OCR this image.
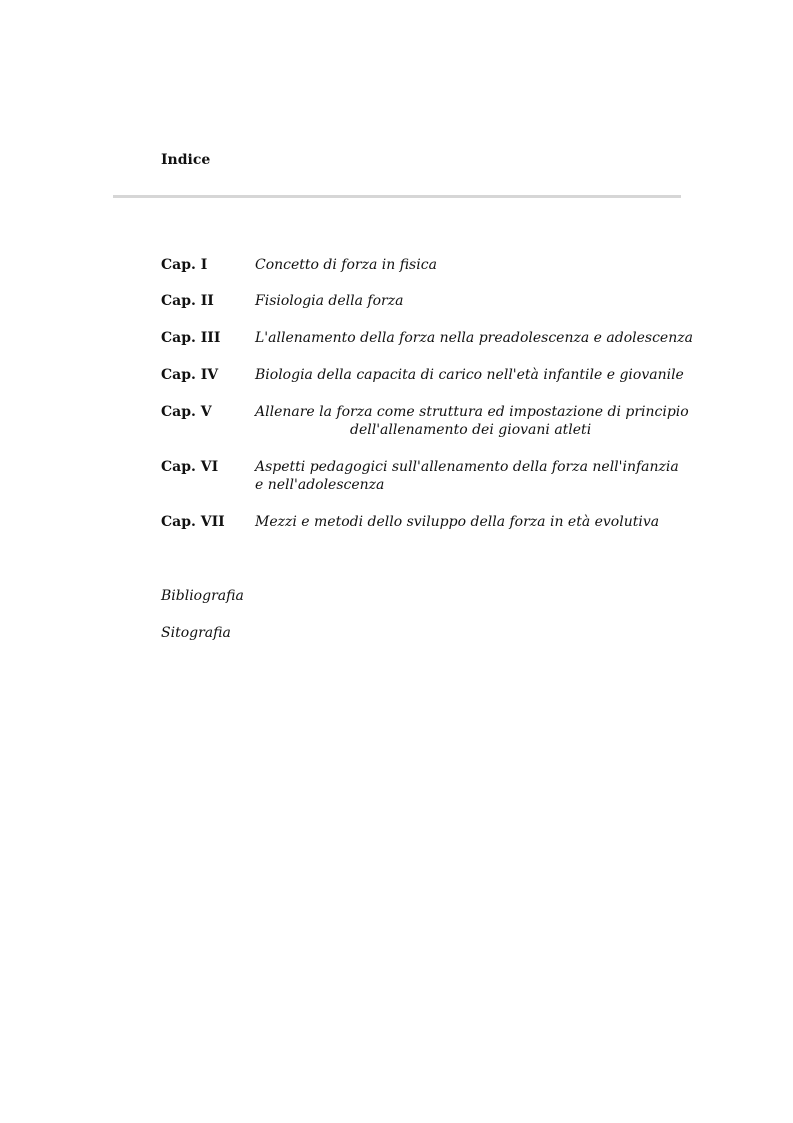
Indice
Cap. I	Concetto di forza in fisica
Cap. II	Fisiologia della forza
Cap. III L'allenamento della forza nella preadolescenza e adolescenza
Cap. IV	Biologia della capacita di carico nell'età infantile e giovanile
Cap. V	Allenare la forza come struttura ed impostazione di principio
dell'allenamento dei giovani atleti
Cap. VI	Aspetti pedagogici sull'allenamento della forza nell'infanzia
e nell'adolescenza
Cap. VII Mezzi e metodi dello sviluppo della forza in età evolutiva
Bibliografia
Sitografia
